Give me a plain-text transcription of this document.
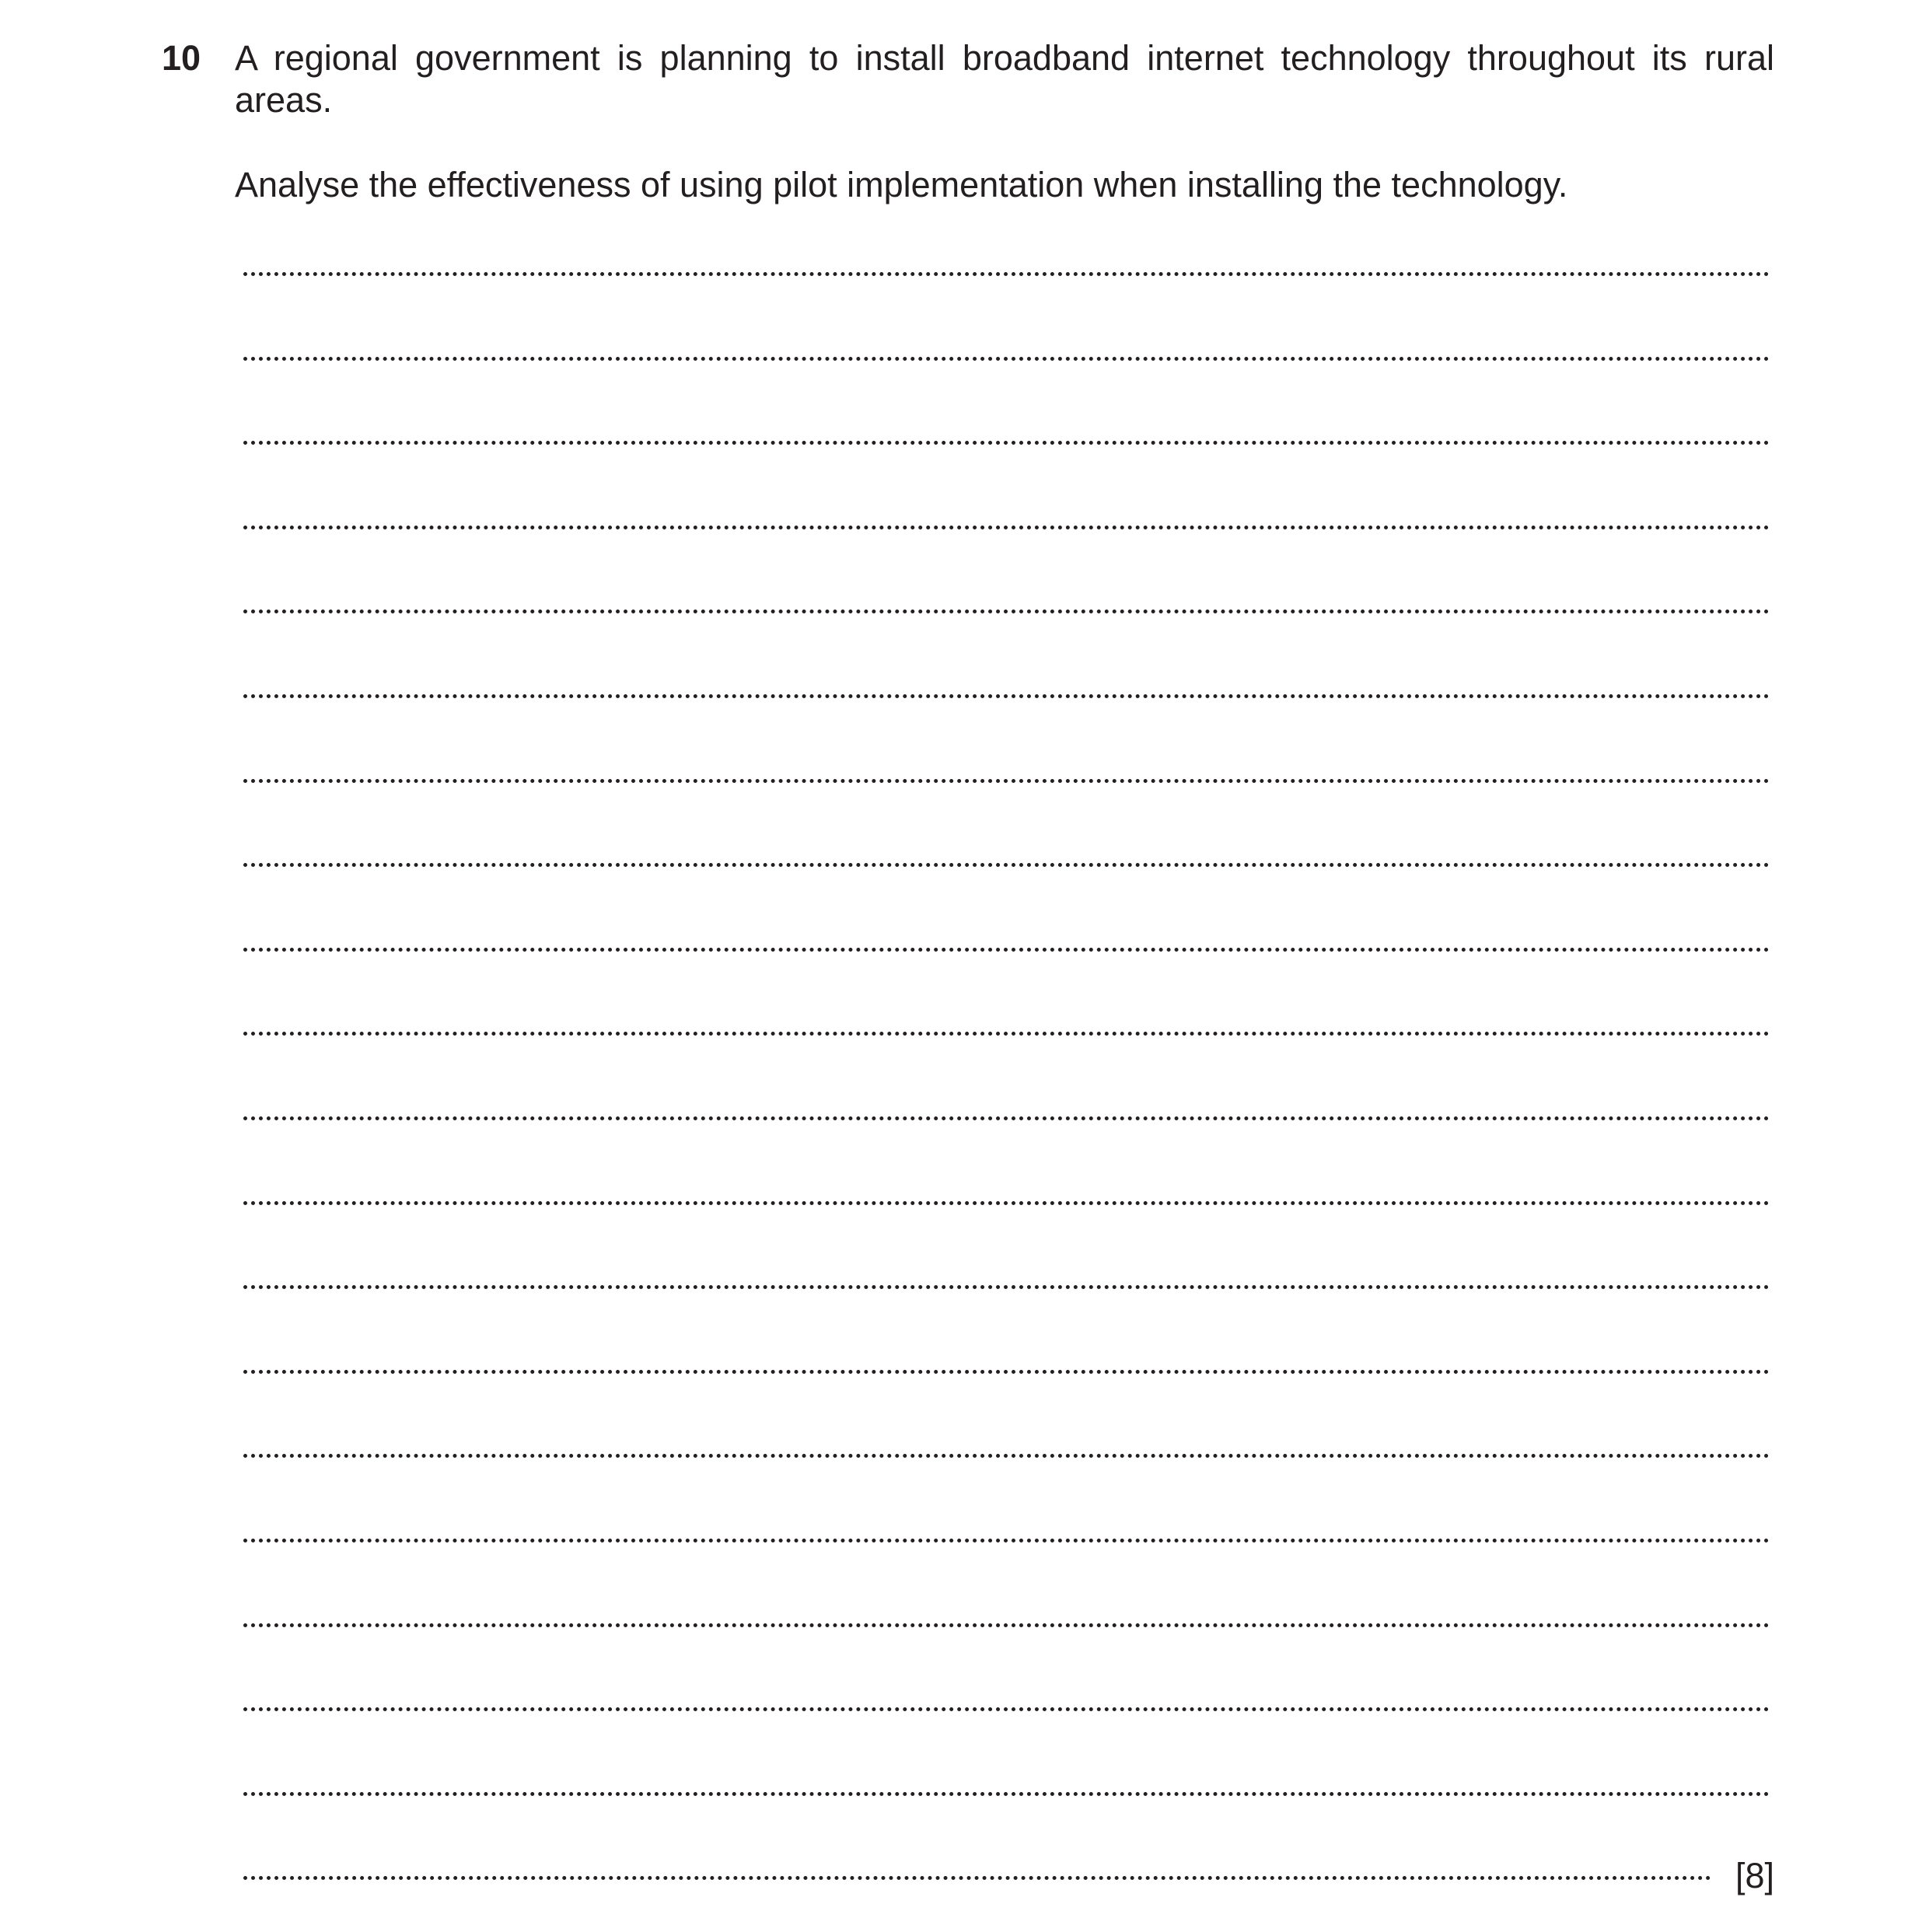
10 A regional government is planning to install broadband internet technology throughout its rural areas.
Analyse the effectiveness of using pilot implementation when installing the technology.
[8]
